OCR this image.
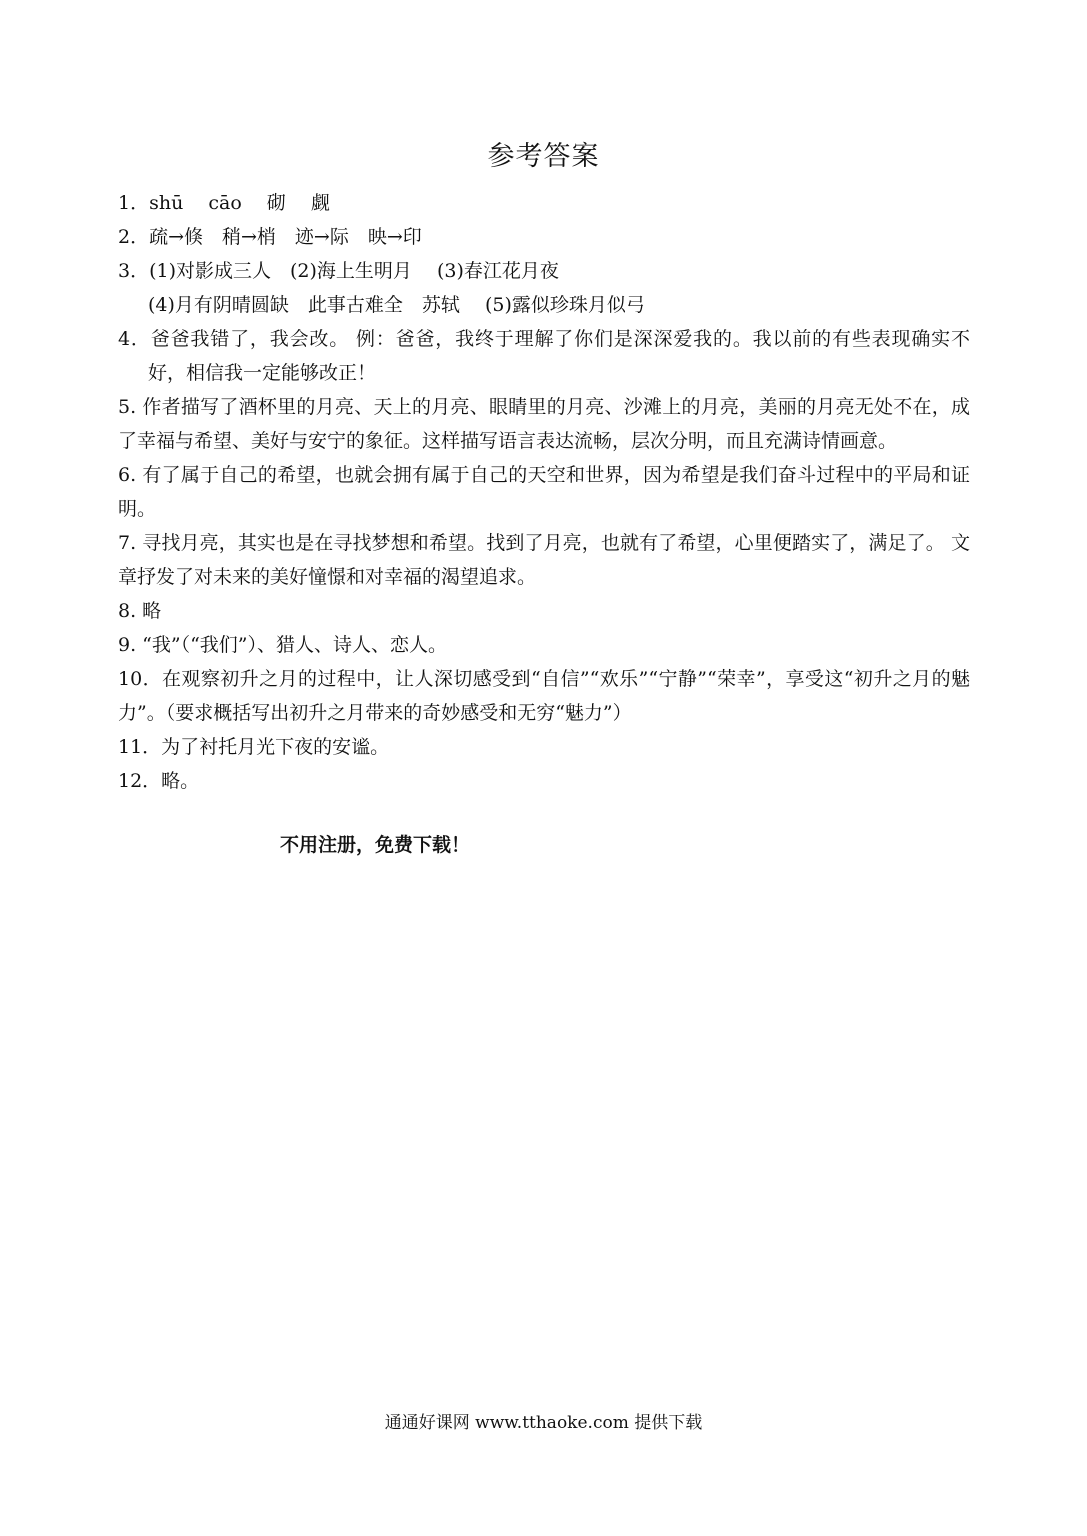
参考答案
1．shū　 cāo　 砌　 觑
2．疏→倏　稍→梢　迹→际　映→印
3．(1)对影成三人　(2)海上生明月　 (3)春江花月夜
(4)月有阴晴圆缺　此事古难全　苏轼　 (5)露似珍珠月似弓
4．爸爸我错了，我会改。 例：爸爸，我终于理解了你们是深深爱我的。我以前的有些表现确实不好，相信我一定能够改正！
5. 作者描写了酒杯里的月亮、天上的月亮、眼睛里的月亮、沙滩上的月亮，美丽的月亮无处不在，成了幸福与希望、美好与安宁的象征。这样描写语言表达流畅，层次分明，而且充满诗情画意。
6. 有了属于自己的希望，也就会拥有属于自己的天空和世界，因为希望是我们奋斗过程中的平局和证明。
7. 寻找月亮，其实也是在寻找梦想和希望。找到了月亮，也就有了希望，心里便踏实了，满足了。 文章抒发了对未来的美好憧憬和对幸福的渴望追求。
8. 略
9. “我”（“我们”）、猎人、诗人、恋人。
10．在观察初升之月的过程中，让人深切感受到“自信”“欢乐”“宁静”“荣幸”，享受这“初升之月的魅力”。（要求概括写出初升之月带来的奇妙感受和无穷“魅力”）
11．为了衬托月光下夜的安谧。
12．略。
不用注册，免费下载！
通通好课网 www.tthaoke.com 提供下载
